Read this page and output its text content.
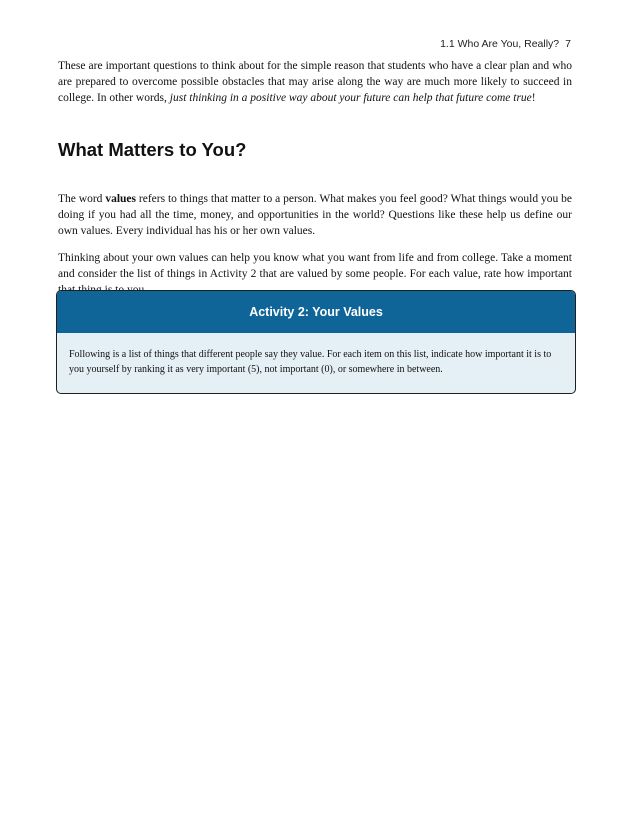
1.1 Who Are You, Really? 7

These are important questions to think about for the simple reason that students who have a clear plan and who are prepared to overcome possible obstacles that may arise along the way are much more likely to succeed in college. In other words, just thinking in a positive way about your future can help that future come true!

What Matters to You?

The word values refers to things that matter to a person. What makes you feel good? What things would you be doing if you had all the time, money, and opportunities in the world? Questions like these help us define our own values. Every individual has his or her own values.

Thinking about your own values can help you know what you want from life and from college. Take a moment and consider the list of things in Activity 2 that are valued by some people. For each value, rate how important

Activity 2: Your Values
Following is a list of things that different people say they value. For each item on this list, indicate how important it is to you yourself by ranking it as very important (5), not important (0), or somewhere in between.
